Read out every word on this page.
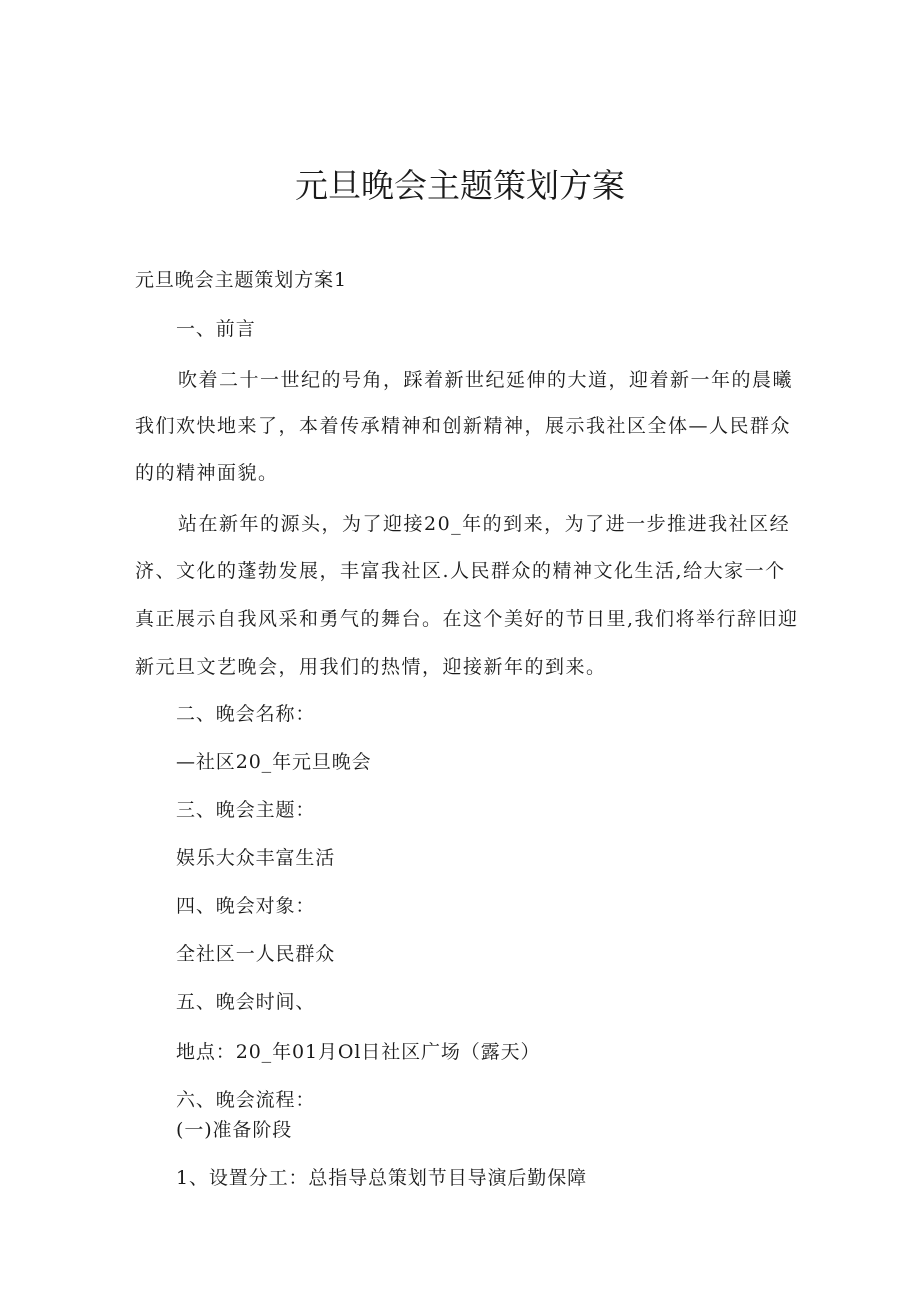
元旦晚会主题策划方案

元旦晚会主题策划方案1

一、前言

吹着二十一世纪的号角，踩着新世纪延伸的大道，迎着新一年的晨曦
我们欢快地来了，本着传承精神和创新精神，展示我社区全体—人民群众
的的精神面貌。
站在新年的源头，为了迎接20_年的到来，为了进一步推进我社区经
济、文化的蓬勃发展，丰富我社区.人民群众的精神文化生活,给大家一个
真正展示自我风采和勇气的舞台。在这个美好的节日里,我们将举行辞旧迎
新元旦文艺晚会，用我们的热情，迎接新年的到来。

二、晚会名称：

—社区20_年元旦晚会

三、晚会主题：

娱乐大众丰富生活

四、晚会对象：

全社区一人民群众

五、晚会时间、

地点：20_年01月Ol日社区广场（露天）

六、晚会流程：

(一)准备阶段

1、设置分工：总指导总策划节目导演后勤保障
